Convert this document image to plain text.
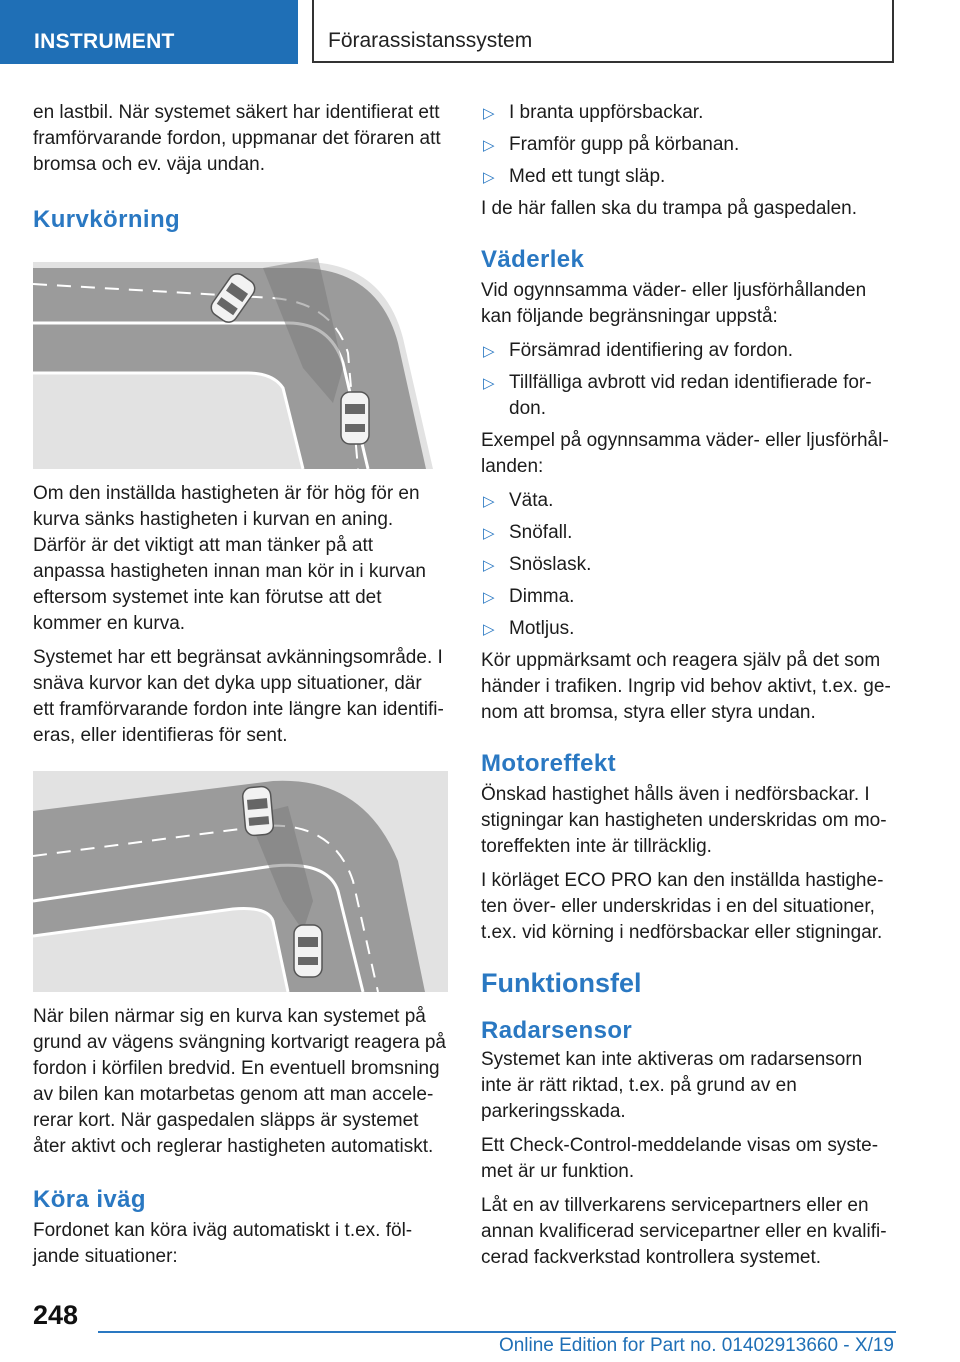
INSTRUMENT	Förarassistanssystem

en lastbil. När systemet säkert har identifierat ett framförvarande fordon, uppmanar det föraren att bromsa och ev. väja undan.

Kurvkörning

Om den inställda hastigheten är för hög för en kurva sänks hastigheten i kurvan en aning. Därför är det viktigt att man tänker på att anpassa hastigheten innan man kör in i kurvan eftersom systemet inte kan förutse att det kommer en kurva.

Systemet har ett begränsat avkänningsområde. I snäva kurvor kan det dyka upp situationer, där ett framförvarande fordon inte längre kan identifieras, eller identifieras för sent.

När bilen närmar sig en kurva kan systemet på grund av vägens svängning kortvarigt reagera på fordon i körfilen bredvid. En eventuell bromsning av bilen kan motarbetas genom att man accelererar kort. När gaspedalen släpps är systemet åter aktivt och reglerar hastigheten automatiskt.

Köra iväg

Fordonet kan köra iväg automatiskt i t.ex. följande situationer:

▷ I branta uppförsbackar.
▷ Framför gupp på körbanan.
▷ Med ett tungt släp.

I de här fallen ska du trampa på gaspedalen.

Väderlek

Vid ogynnsamma väder- eller ljusförhållanden kan följande begränsningar uppstå:

▷ Försämrad identifiering av fordon.
▷ Tillfälliga avbrott vid redan identifierade fordon.

Exempel på ogynnsamma väder- eller ljusförhållanden:

▷ Väta.
▷ Snöfall.
▷ Snöslask.
▷ Dimma.
▷ Motljus.

Kör uppmärksamt och reagera själv på det som händer i trafiken. Ingrip vid behov aktivt, t.ex. genom att bromsa, styra eller styra undan.

Motoreffekt

Önskad hastighet hålls även i nedförsbackar. I stigningar kan hastigheten underskridas om motoreffekten inte är tillräcklig.

I körläget ECO PRO kan den inställda hastigheten över- eller underskridas i en del situationer, t.ex. vid körning i nedförsbackar eller stigningar.

Funktionsfel
Radarsensor

Systemet kan inte aktiveras om radarsensorn inte är rätt riktad, t.ex. på grund av en parkeringsskada.

Ett Check-Control-meddelande visas om systemet är ur funktion.

Låt en av tillverkarens servicepartners eller en annan kvalificerad servicepartner eller en kvalificerad fackverkstad kontrollera systemet.

248
Online Edition for Part no. 01402913660 - X/19
